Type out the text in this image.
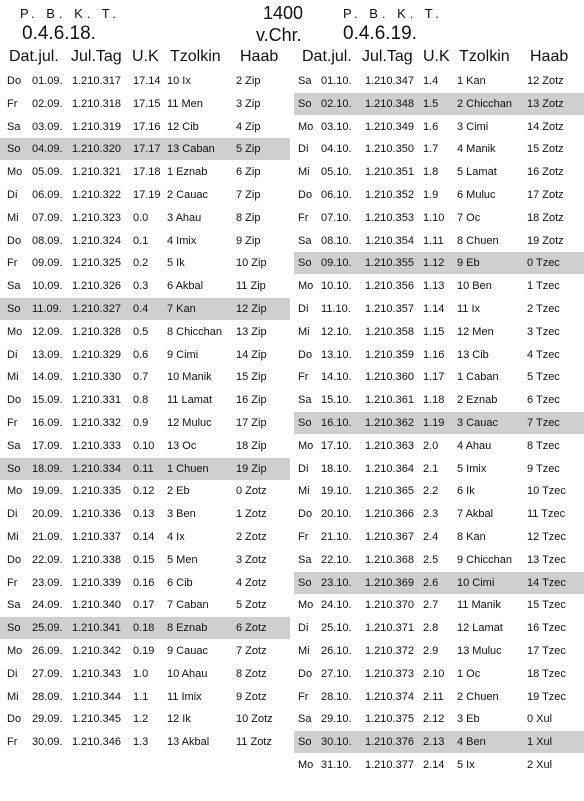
P. B. K. T.
0.4.6.18.
1400
v.Chr.
P. B. K. T.
0.4.6.19.
Dat.jul. Jul.Tag U.K Tzolkin Haab Dat.jul. Jul.Tag U.K Tzolkin Haab
Do 01.09. 1.210.317 17.14 10 Ix	2 Zip
Fr 02.09. 1.210.318 17.15 11 Men	3 Zip
Sa 03.09. 1.210.319 17.16 12 Cib	4 Zip
So 04.09. 1.210.320 17.17 13 Caban 5 Zip
Mo 05.09. 1.210.321 17.18 1 Eznab	6 Zip
Di 06.09. 1.210.322 17.19 2 Cauac	7 Zip
Mi 07.09. 1.210.323 0.0 3 Ahau	8 Zip
Do 08.09. 1.210.324 0.1 4 Imix	9 Zip
Fr 09.09. 1.210.325 0.2 5 Ik	10 Zip
Sa 10.09. 1.210.326 0.3 6 Akbal	11 Zip
So 11.09. 1.210.327 0.4 7 Kan	12 Zip
Mo 12.09. 1.210.328 0.5 8 Chicchan 13 Zip
Di 13.09. 1.210.329 0.6 9 Cimi	14 Zip
Mi 14.09. 1.210.330 0.7 10 Manik 15 Zip
Do 15.09. 1.210.331 0.8 11 Lamat 16 Zip
Fr 16.09. 1.210.332 0.9 12 Muluc 17 Zip
Sa 17.09. 1.210.333 0.10 13 Oc	18 Zip
So 18.09. 1.210.334 0.11 1 Chuen 19 Zip
Mo 19.09. 1.210.335 0.12 2 Eb	0 Zotz
Di 20.09. 1.210.336 0.13 3 Ben	1 Zotz
Mi 21.09. 1.210.337 0.14 4 Ix	2 Zotz
Do 22.09. 1.210.338 0.15 5 Men	3 Zotz
Fr 23.09. 1.210.339 0.16 6 Cib	4 Zotz
Sa 24.09. 1.210.340 0.17 7 Caban 5 Zotz
So 25.09. 1.210.341 0.18 8 Eznab	6 Zotz
Mo 26.09. 1.210.342 0.19 9 Cauac	7 Zotz
Di 27.09. 1.210.343 1.0 10 Ahau	8 Zotz
Mi 28.09. 1.210.344 1.1 11 Imix	9 Zotz
Do 29.09. 1.210.345 1.2 12 Ik	10 Zotz
Fr 30.09. 1.210.346 1.3 13 Akbal 11 Zotz
Sa 01.10. 1.210.347 1.4 1 Kan	12 Zotz
So 02.10. 1.210.348 1.5 2 Chicchan 13 Zotz
Mo 03.10. 1.210.349 1.6 3 Cimi	14 Zotz
Di 04.10. 1.210.350 1.7 4 Manik	15 Zotz
Mi 05.10. 1.210.351 1.8 5 Lamat	16 Zotz
Do 06.10. 1.210.352 1.9 6 Muluc	17 Zotz
Fr 07.10. 1.210.353 1.10 7 Oc	18 Zotz
Sa 08.10. 1.210.354 1.11 8 Chuen	19 Zotz
So 09.10. 1.210.355 1.12 9 Eb	0 Tzec
Mo 10.10. 1.210.356 1.13 10 Ben	1 Tzec
Di 11.10. 1.210.357 1.14 11 Ix	2 Tzec
Mi 12.10. 1.210.358 1.15 12 Men	3 Tzec
Do 13.10. 1.210.359 1.16 13 Cib	4 Tzec
Fr 14.10. 1.210.360 1.17 1 Caban	5 Tzec
Sa 15.10. 1.210.361 1.18 2 Eznab	6 Tzec
So 16.10. 1.210.362 1.19 3 Cauac	7 Tzec
Mo 17.10. 1.210.363 2.0 4 Ahau	8 Tzec
Di 18.10. 1.210.364 2.1 5 Imix	9 Tzec
Mi 19.10. 1.210.365 2.2 6 Ik	10 Tzec
Do 20.10. 1.210.366 2.3 7 Akbal	11 Tzec
Fr 21.10. 1.210.367 2.4 8 Kan	12 Tzec
Sa 22.10. 1.210.368 2.5 9 Chicchan 13 Tzec
So 23.10. 1.210.369 2.6 10 Cimi	14 Tzec
Mo 24.10. 1.210.370 2.7 11 Manik 15 Tzec
Di 25.10. 1.210.371 2.8 12 Lamat 16 Tzec
Mi 26.10. 1.210.372 2.9 13 Muluc 17 Tzec
Do 27.10. 1.210.373 2.10 1 Oc	18 Tzec
Fr 28.10. 1.210.374 2.11 2 Chuen	19 Tzec
Sa 29.10. 1.210.375 2.12 3 Eb	0 Xul
So 30.10. 1.210.376 2.13 4 Ben	1 Xul
Mo 31.10. 1.210.377 2.14 5 Ix	2 Xul
